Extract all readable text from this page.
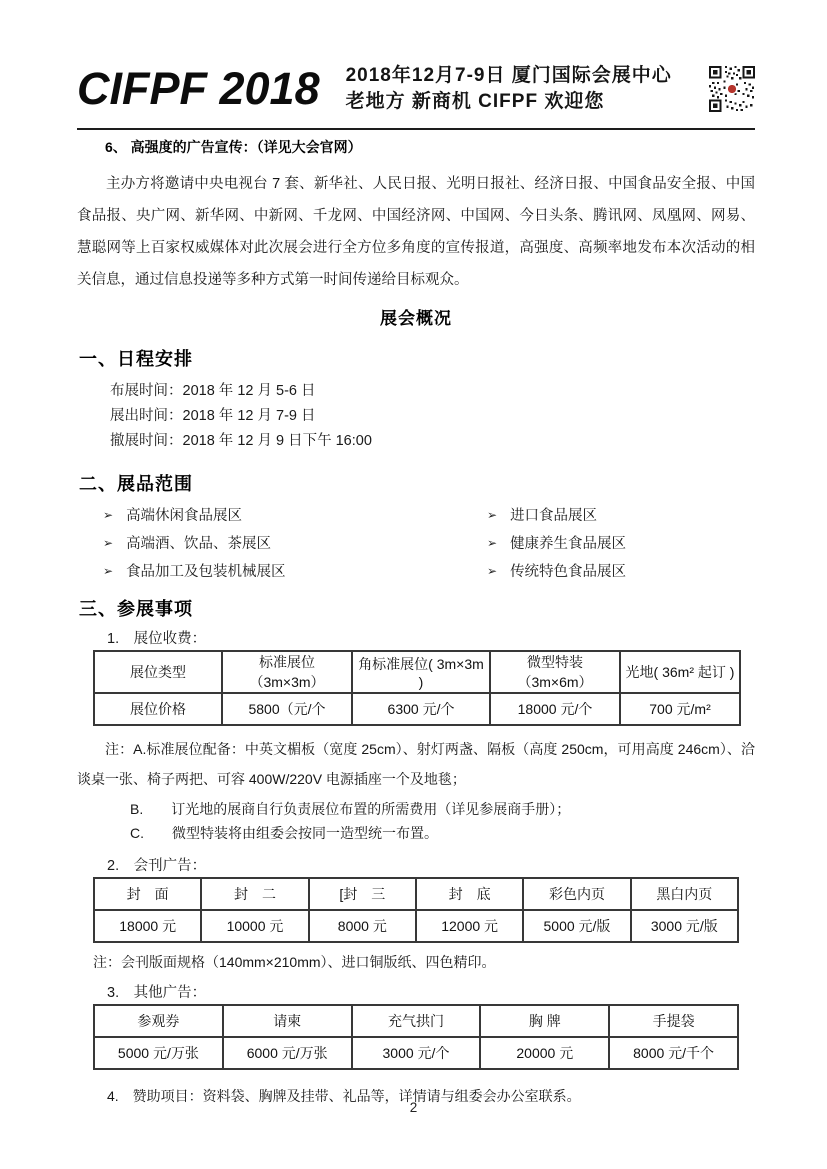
CIFPF 2018 2018年12月7-9日 厦门国际会展中心
老地方 新商机 CIFPF 欢迎您
6、 高强度的广告宣传：（详见大会官网）
主办方将邀请中央电视台 7 套、新华社、人民日报、光明日报社、经济日报、中国食品安全报、中国食品报、央广网、新华网、中新网、千龙网、中国经济网、中国网、今日头条、腾讯网、凤凰网、网易、慧聪网等上百家权威媒体对此次展会进行全方位多角度的宣传报道，高强度、高频率地发布本次活动的相关信息，通过信息投递等多种方式第一时间传递给目标观众。
展会概况
一、日程安排
布展时间：2018 年 12 月 5-6 日
展出时间：2018 年 12 月 7-9 日
撤展时间：2018 年 12 月 9 日下午 16:00
二、展品范围
➢ 高端休闲食品展区	➢ 进口食品展区
➢ 高端酒、饮品、茶展区	➢ 健康养生食品展区
➢ 食品加工及包装机械展区	➢ 传统特色食品展区
三、参展事项
1.　展位收费：
展位类型	标准展位（3m×3m）	角标准展位( 3m×3m )	微型特装（3m×6m）	光地( 36m² 起订 )
展位价格	5800（元/个	6300 元/个	18000 元/个	700 元/m²
注：A.标准展位配备：中英文楣板（宽度 25cm）、射灯两盏、隔板（高度 250cm，可用高度 246cm）、洽谈桌一张、椅子两把、可容 400W/220V 电源插座一个及地毯；
B.　　订光地的展商自行负责展位布置的所需费用（详见参展商手册）；
C.　　微型特装将由组委会按同一造型统一布置。
2.　会刊广告：
封　面	封　二	[封　三	封　底	彩色内页	黑白内页
18000 元	10000 元	8000 元	12000 元	5000 元/版	3000 元/版
注：会刊版面规格（140mm×210mm）、进口铜版纸、四色精印。
3.　其他广告：
参观券	请柬	充气拱门	胸 牌	手提袋
5000 元/万张	6000 元/万张	3000 元/个	20000 元	8000 元/千个
4.　赞助项目：资料袋、胸牌及挂带、礼品等，详情请与组委会办公室联系。
2
